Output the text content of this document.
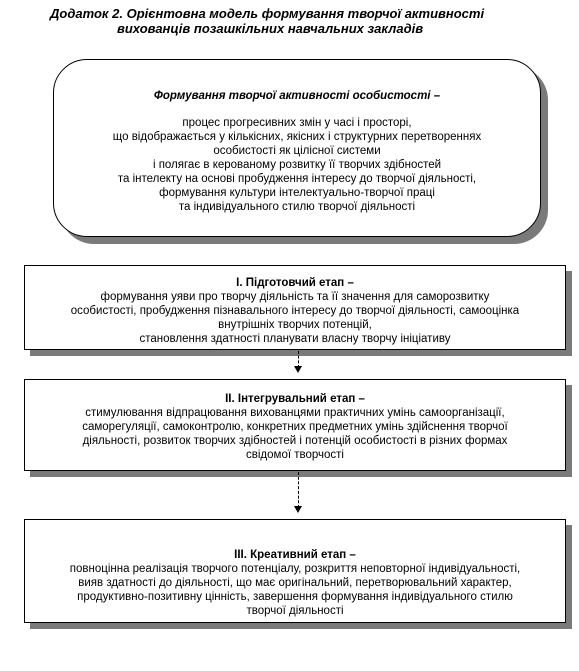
Додаток 2. Орієнтовна модель формування творчої активності
вихованців позашкільних навчальних закладів
Формування творчої активності особистості –
процес прогресивних змін у часі і просторі,
що відображається у кількісних, якісних і структурних перетвореннях
особистості як цілісної системи
і полягає в керованому розвитку її творчих здібностей
та інтелекту на основі пробудження інтересу до творчої діяльності,
формування культури інтелектуально-творчої праці
та індивідуального стилю творчої діяльності
І. Підготовчий етап –
формування уяви про творчу діяльність та її значення для саморозвитку
особистості, пробудження пізнавального інтересу до творчої діяльності, самооцінка
внутрішніх творчих потенцій,
становлення здатності планувати власну творчу ініціативу
ІІ. Інтегрувальний етап –
стимулювання відпрацювання вихованцями практичних умінь самоорганізації,
саморегуляції, самоконтролю, конкретних предметних умінь здійснення творчої
діяльності, розвиток творчих здібностей і потенцій особистості в різних формах
свідомої творчості
ІІІ. Креативний етап –
повноцінна реалізація творчого потенціалу, розкриття неповторної індивідуальності,
вияв здатності до діяльності, що має оригінальний, перетворювальний характер,
продуктивно-позитивну цінність, завершення формування індивідуального стилю
творчої діяльності
